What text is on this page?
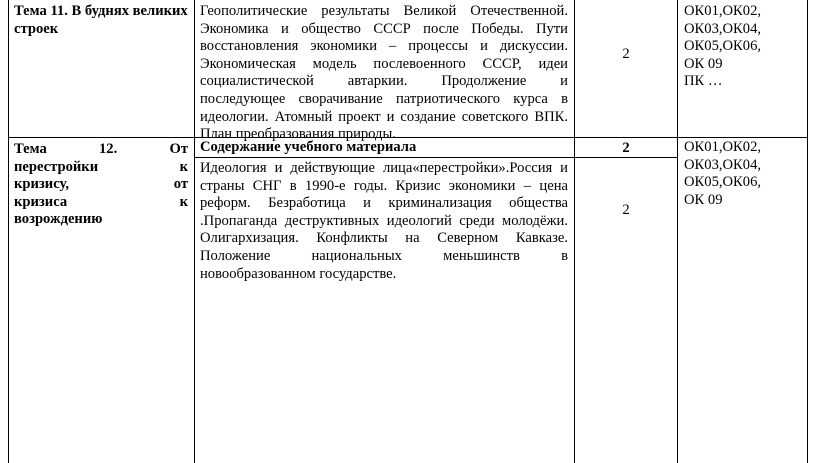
Тема 11. В буднях великих строек
Геополитические результаты Великой Отечественной.
Экономика и общество СССР после Победы. Пути
восстановления экономики – процессы и дискуссии.
Экономическая модель послевоенного СССР, идеи
социалистической автаркии. Продолжение и
последующее сворачивание патриотического курса в
идеологии. Атомный проект и создание советского ВПК.
План преобразования природы.
2
ОК01,ОК02,
ОК03,ОК04,
ОК05,ОК06,
ОК 09
ПК …
Тема 12. От
перестройки к
кризису, от
кризиса к
возрождению
Содержание учебного материала	2
Идеология и действующие лица«перестройки».Россия и
страны СНГ в 1990-е годы. Кризис экономики – цена
реформ. Безработица и криминализация общества
.Пропаганда деструктивных идеологий среди молодёжи.
Олигархизация. Конфликты на Северном Кавказе.
Положение национальных меньшинств в
новообразованном государстве.
2
ОК01,ОК02,
ОК03,ОК04,
ОК05,ОК06,
ОК 09
